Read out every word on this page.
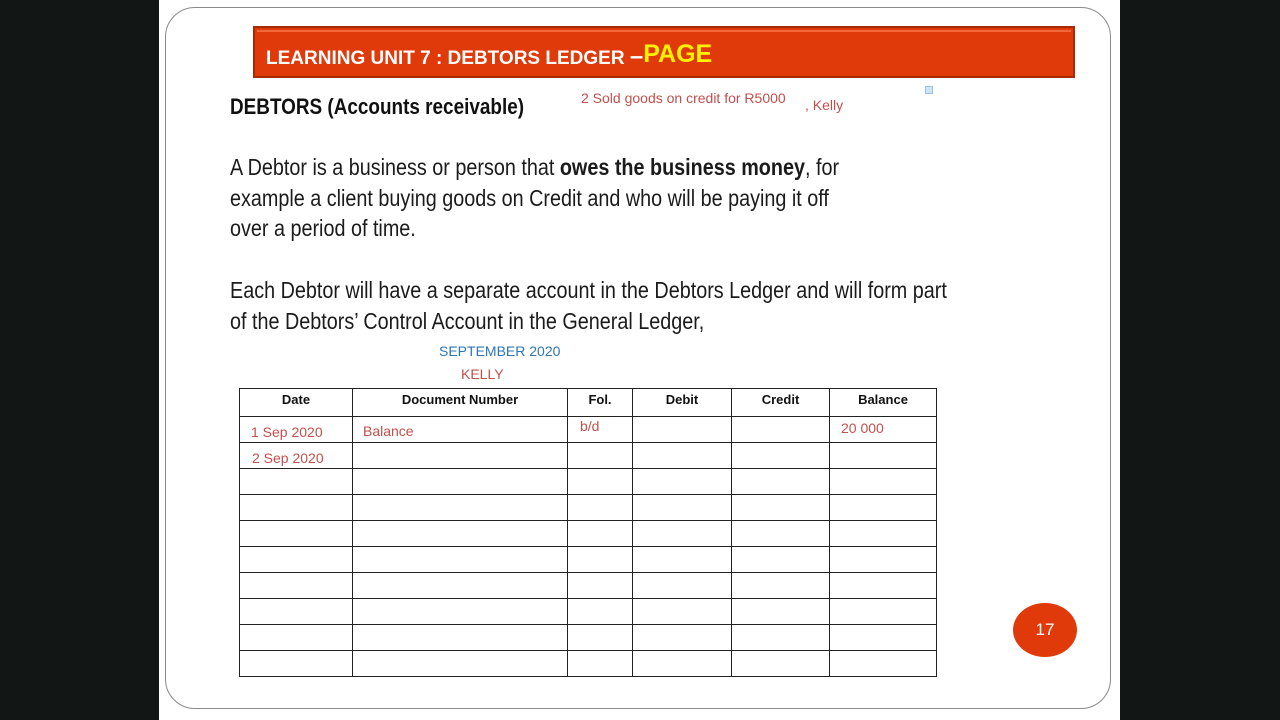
LEARNING UNIT 7 : DEBTORS LEDGER –PAGE
DEBTORS (Accounts receivable)	2 Sold goods on credit for R5000 , Kelly
A Debtor is a business or person that owes the business money, for
example a client buying goods on Credit and who will be paying it off
over a period of time.
Each Debtor will have a separate account in the Debtors Ledger and will form part
of the Debtors’ Control Account in the General Ledger,
SEPTEMBER 2020
KELLY
Date	Document Number	Fol.	Debit	Credit	Balance
1 Sep 2020	Balance	b/d			20 000
2 Sep 2020					

17
